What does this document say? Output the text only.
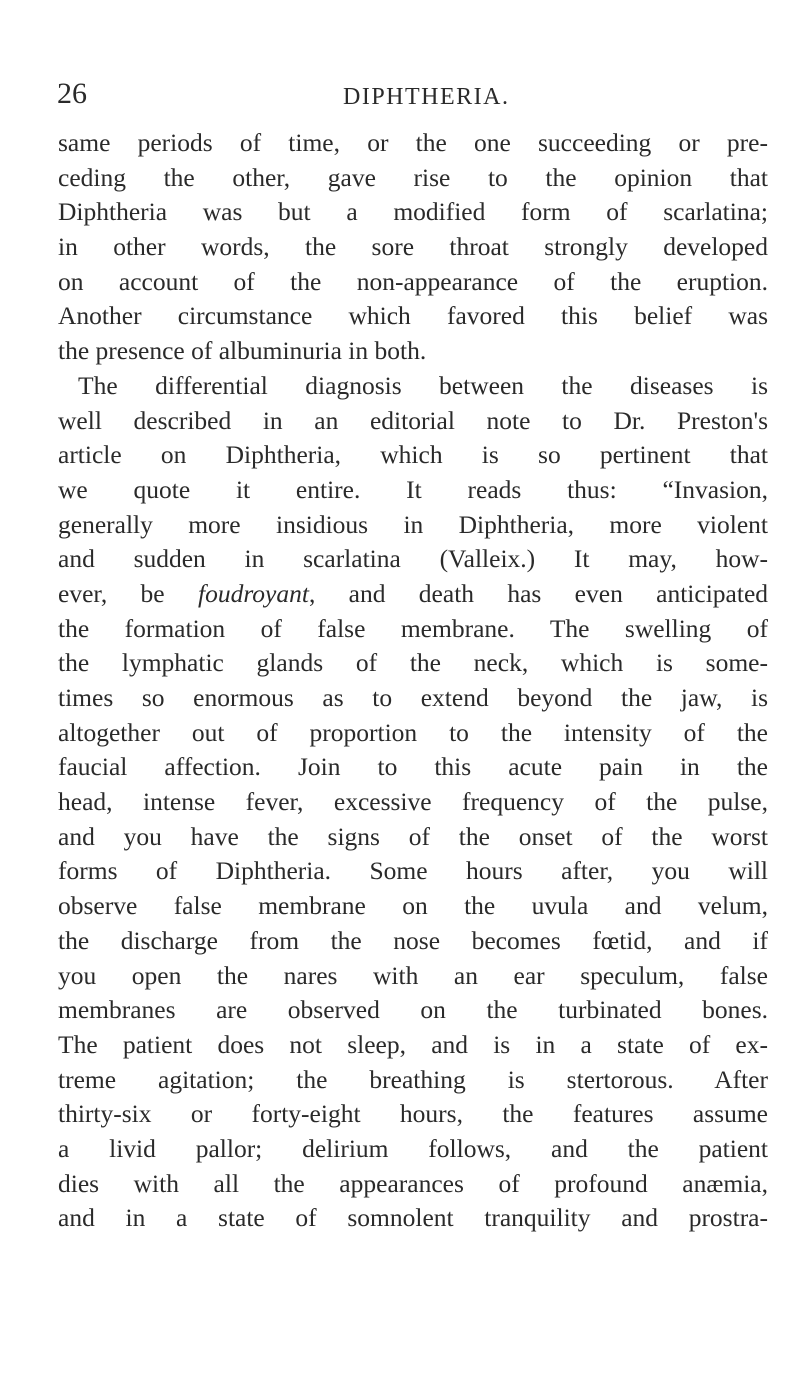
26	DIPHTHERIA.
same periods of time, or the one succeeding or pre-
ceding the other, gave rise to the opinion that
Diphtheria was but a modified form of scarlatina;
in other words, the sore throat strongly developed
on account of the non-appearance of the eruption.
Another circumstance which favored this belief was
the presence of albuminuria in both.
The differential diagnosis between the diseases is
well described in an editorial note to Dr. Preston's
article on Diphtheria, which is so pertinent that
we quote it entire. It reads thus: “Invasion,
generally more insidious in Diphtheria, more violent
and sudden in scarlatina (Valleix.) It may, how-
ever, be foudroyant, and death has even anticipated
the formation of false membrane. The swelling of
the lymphatic glands of the neck, which is some-
times so enormous as to extend beyond the jaw, is
altogether out of proportion to the intensity of the
faucial affection. Join to this acute pain in the
head, intense fever, excessive frequency of the pulse,
and you have the signs of the onset of the worst
forms of Diphtheria. Some hours after, you will
observe false membrane on the uvula and velum,
the discharge from the nose becomes fœtid, and if
you open the nares with an ear speculum, false
membranes are observed on the turbinated bones.
The patient does not sleep, and is in a state of ex-
treme agitation; the breathing is stertorous. After
thirty-six or forty-eight hours, the features assume
a livid pallor; delirium follows, and the patient
dies with all the appearances of profound anæmia,
and in a state of somnolent tranquility and prostra-
